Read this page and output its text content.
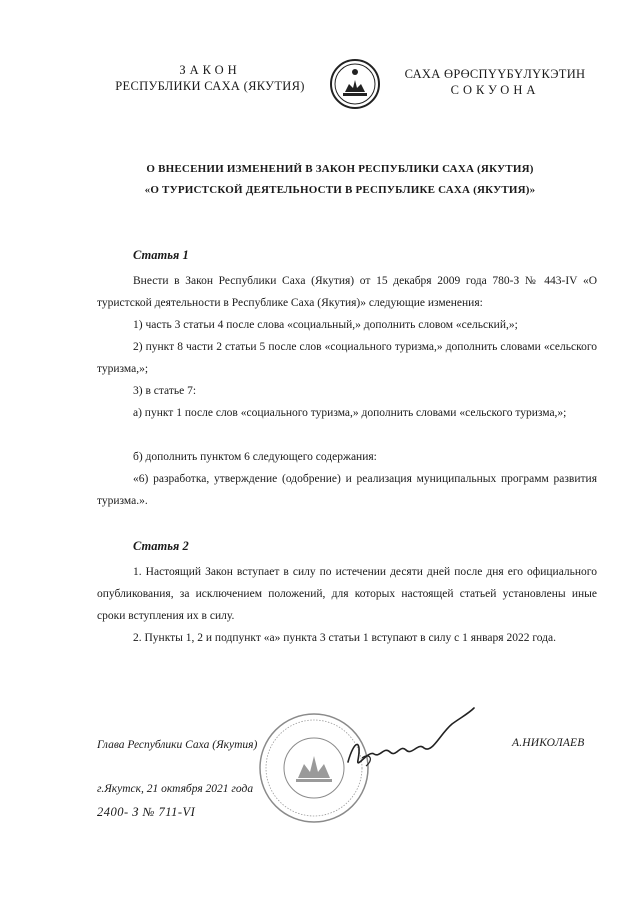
ЗАКОН
РЕСПУБЛИКИ САХА (ЯКУТИЯ)
САХА ӨРӨСПҮҮБҮЛҮКЭТИН
СОКУОНА
О ВНЕСЕНИИ ИЗМЕНЕНИЙ В ЗАКОН РЕСПУБЛИКИ САХА (ЯКУТИЯ)
«О ТУРИСТСКОЙ ДЕЯТЕЛЬНОСТИ В РЕСПУБЛИКЕ САХА (ЯКУТИЯ)»
Статья 1
Внести в Закон Республики Саха (Якутия) от 15 декабря 2009 года 780-З № 443-IV «О туристской деятельности в Республике Саха (Якутия)» следующие изменения:
1) часть 3 статьи 4 после слова «социальный,» дополнить словом «сельский,»;
2) пункт 8 части 2 статьи 5 после слов «социального туризма,» дополнить словами «сельского туризма,»;
3) в статье 7:
а) пункт 1 после слов «социального туризма,» дополнить словами «сельского туризма,»;
б) дополнить пунктом 6 следующего содержания:
«6) разработка, утверждение (одобрение) и реализация муниципальных программ развития туризма.».
Статья 2
1. Настоящий Закон вступает в силу по истечении десяти дней после дня его официального опубликования, за исключением положений, для которых настоящей статьей установлены иные сроки вступления их в силу.
2. Пункты 1, 2 и подпункт «а» пункта 3 статьи 1 вступают в силу с 1 января 2022 года.
Глава Республики Саха (Якутия)	А.НИКОЛАЕВ
г.Якутск, 21 октября 2021 года
2400- З № 711-VI
